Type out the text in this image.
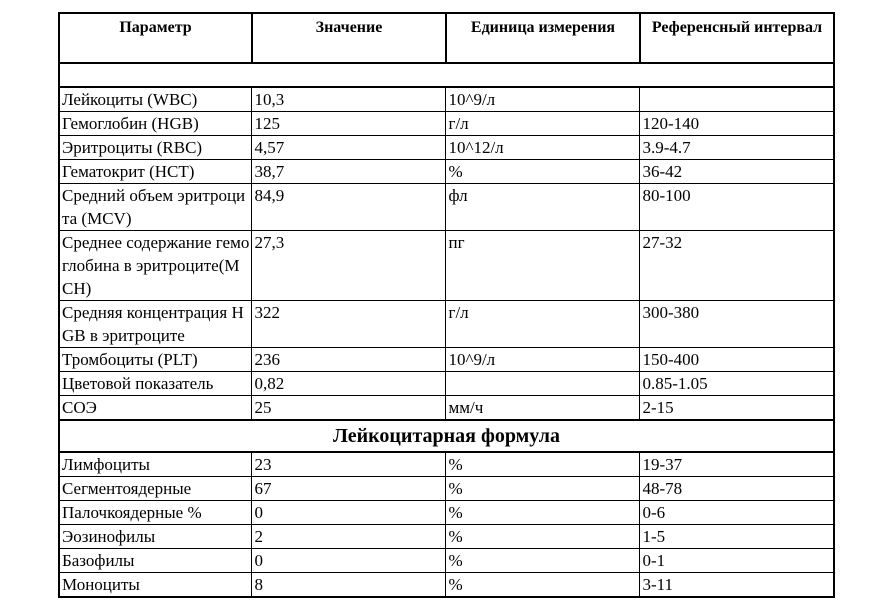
Параметр	Значение	Единица измерения	Референсный интервал

Лейкоциты (WBC)	10,3	10^9/л	
Гемоглобин (HGB)	125	г/л	120-140
Эритроциты (RBC)	4,57	10^12/л	3.9-4.7
Гематокрит (HCT)	38,7	%	36-42
Средний объем эритроцита (MCV)	84,9	фл	80-100
Среднее содержание гемоглобина в эритроците(MCH)	27,3	пг	27-32
Средняя концентрация HGB в эритроците	322	г/л	300-380
Тромбоциты (PLT)	236	10^9/л	150-400
Цветовой показатель	0,82		0.85-1.05
СОЭ	25	мм/ч	2-15
Лейкоцитарная формула			
Лимфоциты	23	%	19-37
Сегментоядерные	67	%	48-78
Палочкоядерные %	0	%	0-6
Эозинофилы	2	%	1-5
Базофилы	0	%	0-1
Моноциты	8	%	3-11
